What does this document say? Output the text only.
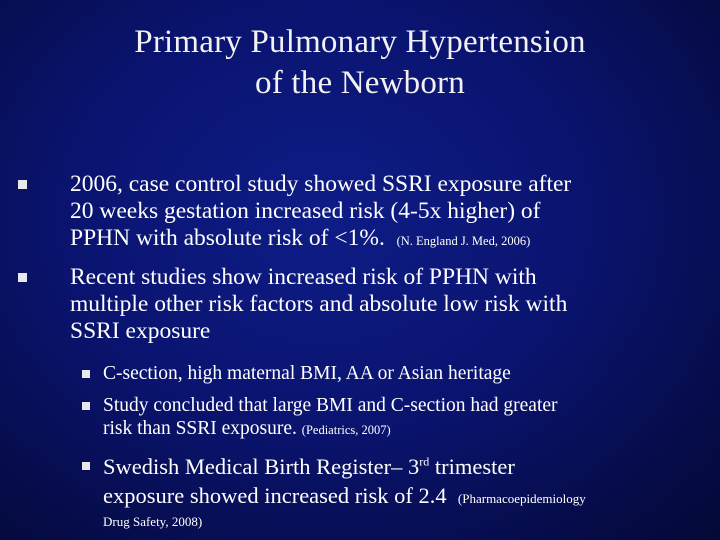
Primary Pulmonary Hypertension
of the Newborn
2006, case control study showed SSRI exposure after
20 weeks gestation increased risk (4-5x higher) of
PPHN with absolute risk of <1%. (N. England J. Med, 2006)
Recent studies show increased risk of PPHN with
multiple other risk factors and absolute low risk with
SSRI exposure
C-section, high maternal BMI, AA or Asian heritage
Study concluded that large BMI and C-section had greater
risk than SSRI exposure. (Pediatrics, 2007)
Swedish Medical Birth Register– 3rd trimester
exposure showed increased risk of 2.4 (Pharmacoepidemiology
Drug Safety, 2008)
